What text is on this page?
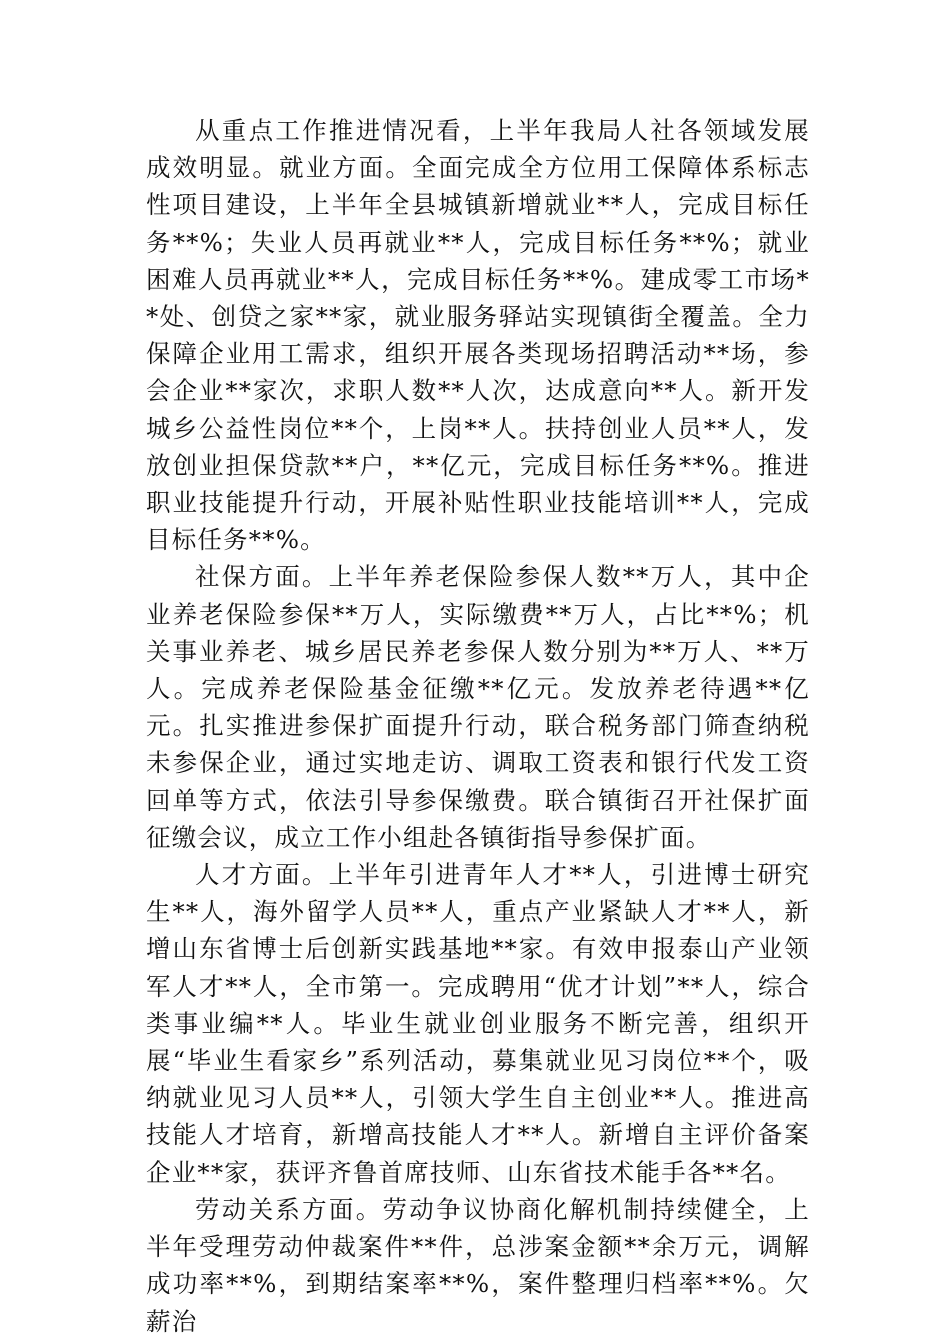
从重点工作推进情况看，上半年我局人社各领域发展成效明显。就业方面。全面完成全方位用工保障体系标志性项目建设，上半年全县城镇新增就业**人，完成目标任务**%；失业人员再就业**人，完成目标任务**%；就业困难人员再就业**人，完成目标任务**%。建成零工市场**处、创贷之家**家，就业服务驿站实现镇街全覆盖。全力保障企业用工需求，组织开展各类现场招聘活动**场，参会企业**家次，求职人数**人次，达成意向**人。新开发城乡公益性岗位**个，上岗**人。扶持创业人员**人，发放创业担保贷款**户，**亿元，完成目标任务**%。推进职业技能提升行动，开展补贴性职业技能培训**人，完成目标任务**%。

社保方面。上半年养老保险参保人数**万人，其中企业养老保险参保**万人，实际缴费**万人，占比**%；机关事业养老、城乡居民养老参保人数分别为**万人、**万人。完成养老保险基金征缴**亿元。发放养老待遇**亿元。扎实推进参保扩面提升行动，联合税务部门筛查纳税未参保企业，通过实地走访、调取工资表和银行代发工资回单等方式，依法引导参保缴费。联合镇街召开社保扩面征缴会议，成立工作小组赴各镇街指导参保扩面。

人才方面。上半年引进青年人才**人，引进博士研究生**人，海外留学人员**人，重点产业紧缺人才**人，新增山东省博士后创新实践基地**家。有效申报泰山产业领军人才**人，全市第一。完成聘用“优才计划”**人，综合类事业编**人。毕业生就业创业服务不断完善，组织开展“毕业生看家乡”系列活动，募集就业见习岗位**个，吸纳就业见习人员**人，引领大学生自主创业**人。推进高技能人才培育，新增高技能人才**人。新增自主评价备案企业**家，获评齐鲁首席技师、山东省技术能手各**名。

劳动关系方面。劳动争议协商化解机制持续健全，上半年受理劳动仲裁案件**件，总涉案金额**余万元，调解成功率**%，到期结案率**%，案件整理归档率**%。欠薪治
